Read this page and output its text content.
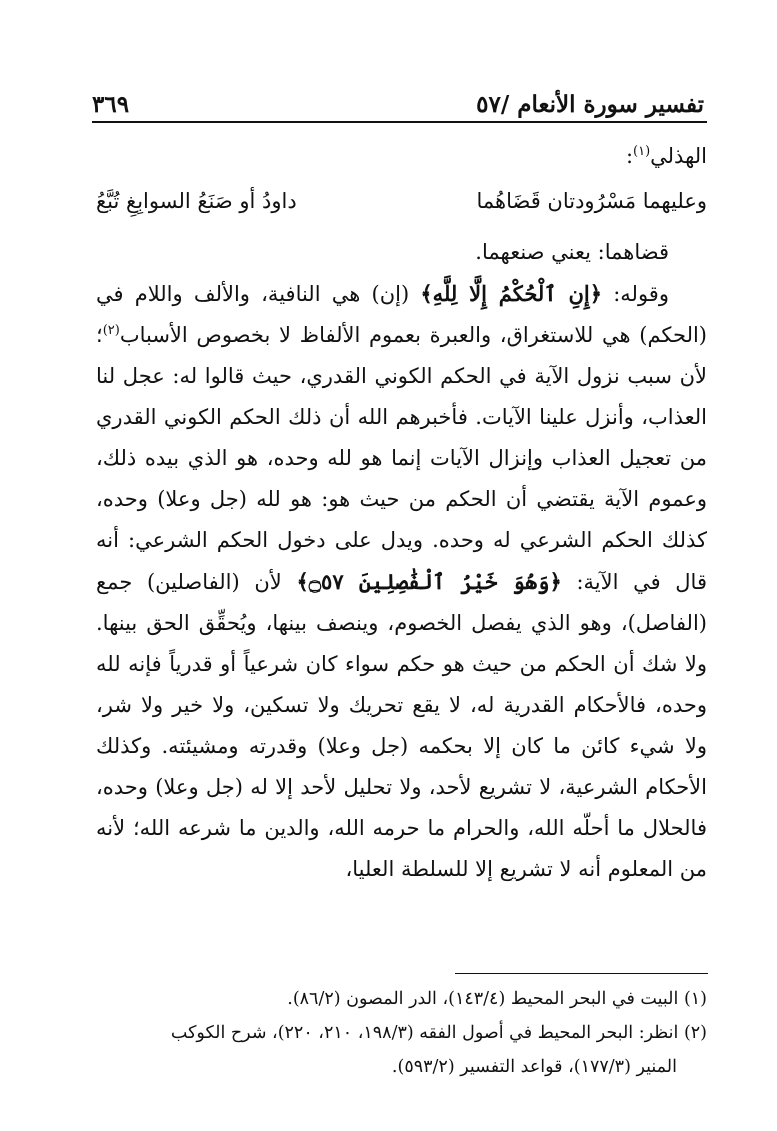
تفسير سورة الأنعام /٥٧
٣٦٩

الهذلي$^{(١)}$:

وعليهما مَسْرُودتان قَضَاهُما
داودُ أو صَنَعُ السوابِغِ تُبَّعُ

قضاهما: يعني صنعهما.

وقوله: ﴿إِنِ ٱلْحُكْمُ إِلَّا لِلَّهِ﴾ (إن) هي النافية، والألف واللام في (الحكم) هي للاستغراق، والعبرة بعموم الألفاظ لا بخصوص الأسباب$^{(٢)}$؛ لأن سبب نزول الآية في الحكم الكوني القدري، حيث قالوا له: عجل لنا العذاب، وأنزل علينا الآيات. فأخبرهم الله أن ذلك الحكم الكوني القدري من تعجيل العذاب وإنزال الآيات إنما هو لله وحده، هو الذي بيده ذلك، وعموم الآية يقتضي أن الحكم من حيث هو: هو لله (جل وعلا) وحده، كذلك الحكم الشرعي له وحده. ويدل على دخول الحكم الشرعي: أنه قال في الآية: ﴿وَهُوَ خَيْرُ ٱلْفَٰصِلِينَ ۝٥٧﴾ لأن (الفاصلين) جمع (الفاصل)، وهو الذي يفصل الخصوم، وينصف بينها، ويُحقِّق الحق بينها. ولا شك أن الحكم من حيث هو حكم سواء كان شرعياً أو قدرياً فإنه لله وحده، فالأحكام القدرية له، لا يقع تحريك ولا تسكين، ولا خير ولا شر، ولا شيء كائن ما كان إلا بحكمه (جل وعلا) وقدرته ومشيئته. وكذلك الأحكام الشرعية، لا تشريع لأحد، ولا تحليل لأحد إلا له (جل وعلا) وحده، فالحلال ما أحلّه الله، والحرام ما حرمه الله، والدين ما شرعه الله؛ لأنه من المعلوم أنه لا تشريع إلا للسلطة العليا،

(١) البيت في البحر المحيط (١٤٣/٤)، الدر المصون (٨٦/٢).

(٢) انظر: البحر المحيط في أصول الفقه (١٩٨/٣، ٢١٠، ٢٢٠)، شرح الكوكب

المنير (١٧٧/٣)، قواعد التفسير (٥٩٣/٢).
